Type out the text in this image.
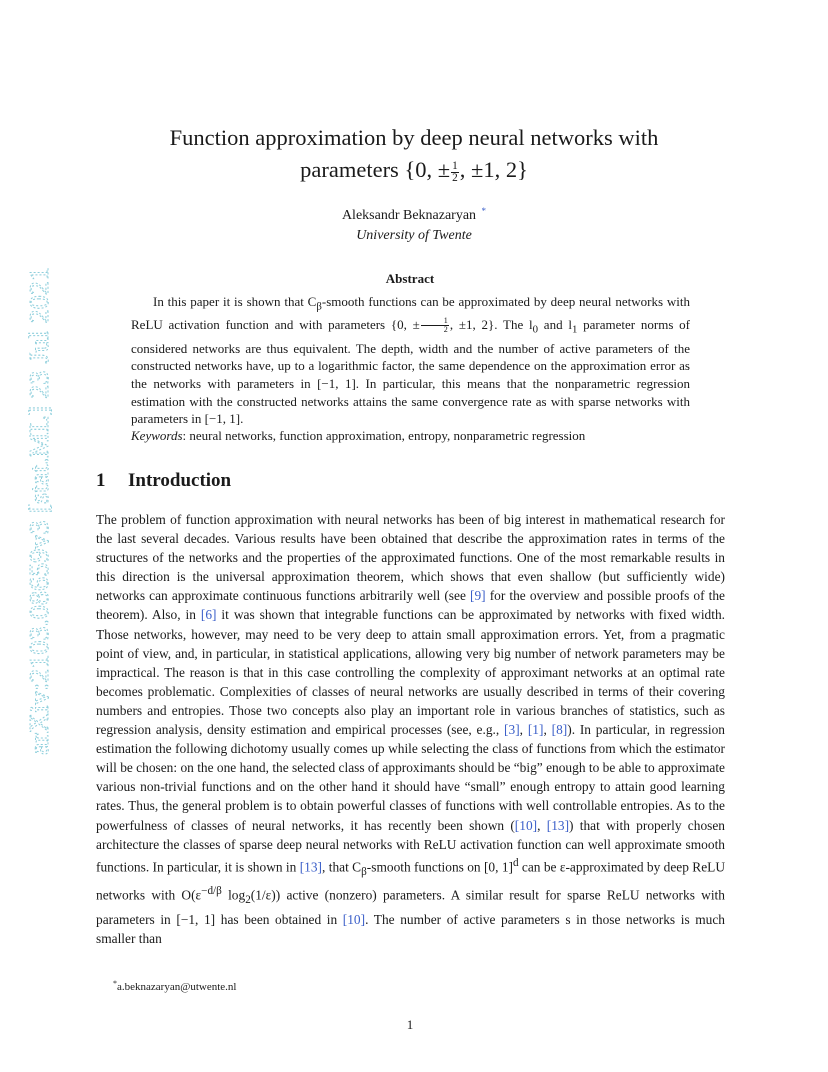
arXiv:2103.08659v3 [stat.ML] 23 Jul 2021
Function approximation by deep neural networks with
parameters {0, ± $\frac{1}{2}$ , ±1, 2}
Aleksandr Beknazaryan *
University of Twente
Abstract

In this paper it is shown that $C_\beta$-smooth functions can be approximated by deep neural networks with ReLU activation function and with parameters {0, ± $\frac{1}{2}$ , ±1, 2}. The $l_0$ and $l_1$ parameter norms of considered networks are thus equivalent. The depth, width and the number of active parameters of the constructed networks have, up to a logarithmic factor, the same dependence on the approximation error as the networks with parameters in [−1, 1]. In particular, this means that the nonparametric regression estimation with the constructed networks attains the same convergence rate as with sparse networks with parameters in [−1, 1].

Keywords: neural networks, function approximation, entropy, nonparametric regression
1 Introduction

The problem of function approximation with neural networks has been of big interest in mathematical research for the last several decades. Various results have been obtained that describe the approximation rates in terms of the structures of the networks and the properties of the approximated functions. One of the most remarkable results in this direction is the universal approximation theorem, which shows that even shallow (but sufficiently wide) networks can approximate continuous functions arbitrarily well (see [9] for the overview and possible proofs of the theorem). Also, in [6] it was shown that integrable functions can be approximated by networks with fixed width. Those networks, however, may need to be very deep to attain small approximation errors. Yet, from a pragmatic point of view, and, in particular, in statistical applications, allowing very big number of network parameters may be impractical. The reason is that in this case controlling the complexity of approximant networks at an optimal rate becomes problematic. Complexities of classes of neural networks are usually described in terms of their covering numbers and entropies. Those two concepts also play an important role in various branches of statistics, such as regression analysis, density estimation and empirical processes (see, e.g., [3], [1], [8]). In particular, in regression estimation the following dichotomy usually comes up while selecting the class of functions from which the estimator will be chosen: on the one hand, the selected class of approximants should be “big” enough to be able to approximate various non-trivial functions and on the other hand it should have “small” enough entropy to attain good learning rates. Thus, the general problem is to obtain powerful classes of functions with well controllable entropies. As to the powerfulness of classes of neural networks, it has recently been shown ([10], [13]) that with properly chosen architecture the classes of sparse deep neural networks with ReLU activation function can well approximate smooth functions. In particular, it is shown in [13], that $C_\beta$-smooth functions on [0, 1]$^d$ can be ε-approximated by deep ReLU networks with $O(\varepsilon^{-d/\beta}$ $\log_2(1/\varepsilon)$) active (nonzero) parameters. A similar result for sparse ReLU networks with parameters in [−1, 1] has been obtained in [10]. The number of active parameters s in those networks is much smaller than

*a.beknazaryan@utwente.nl
1
